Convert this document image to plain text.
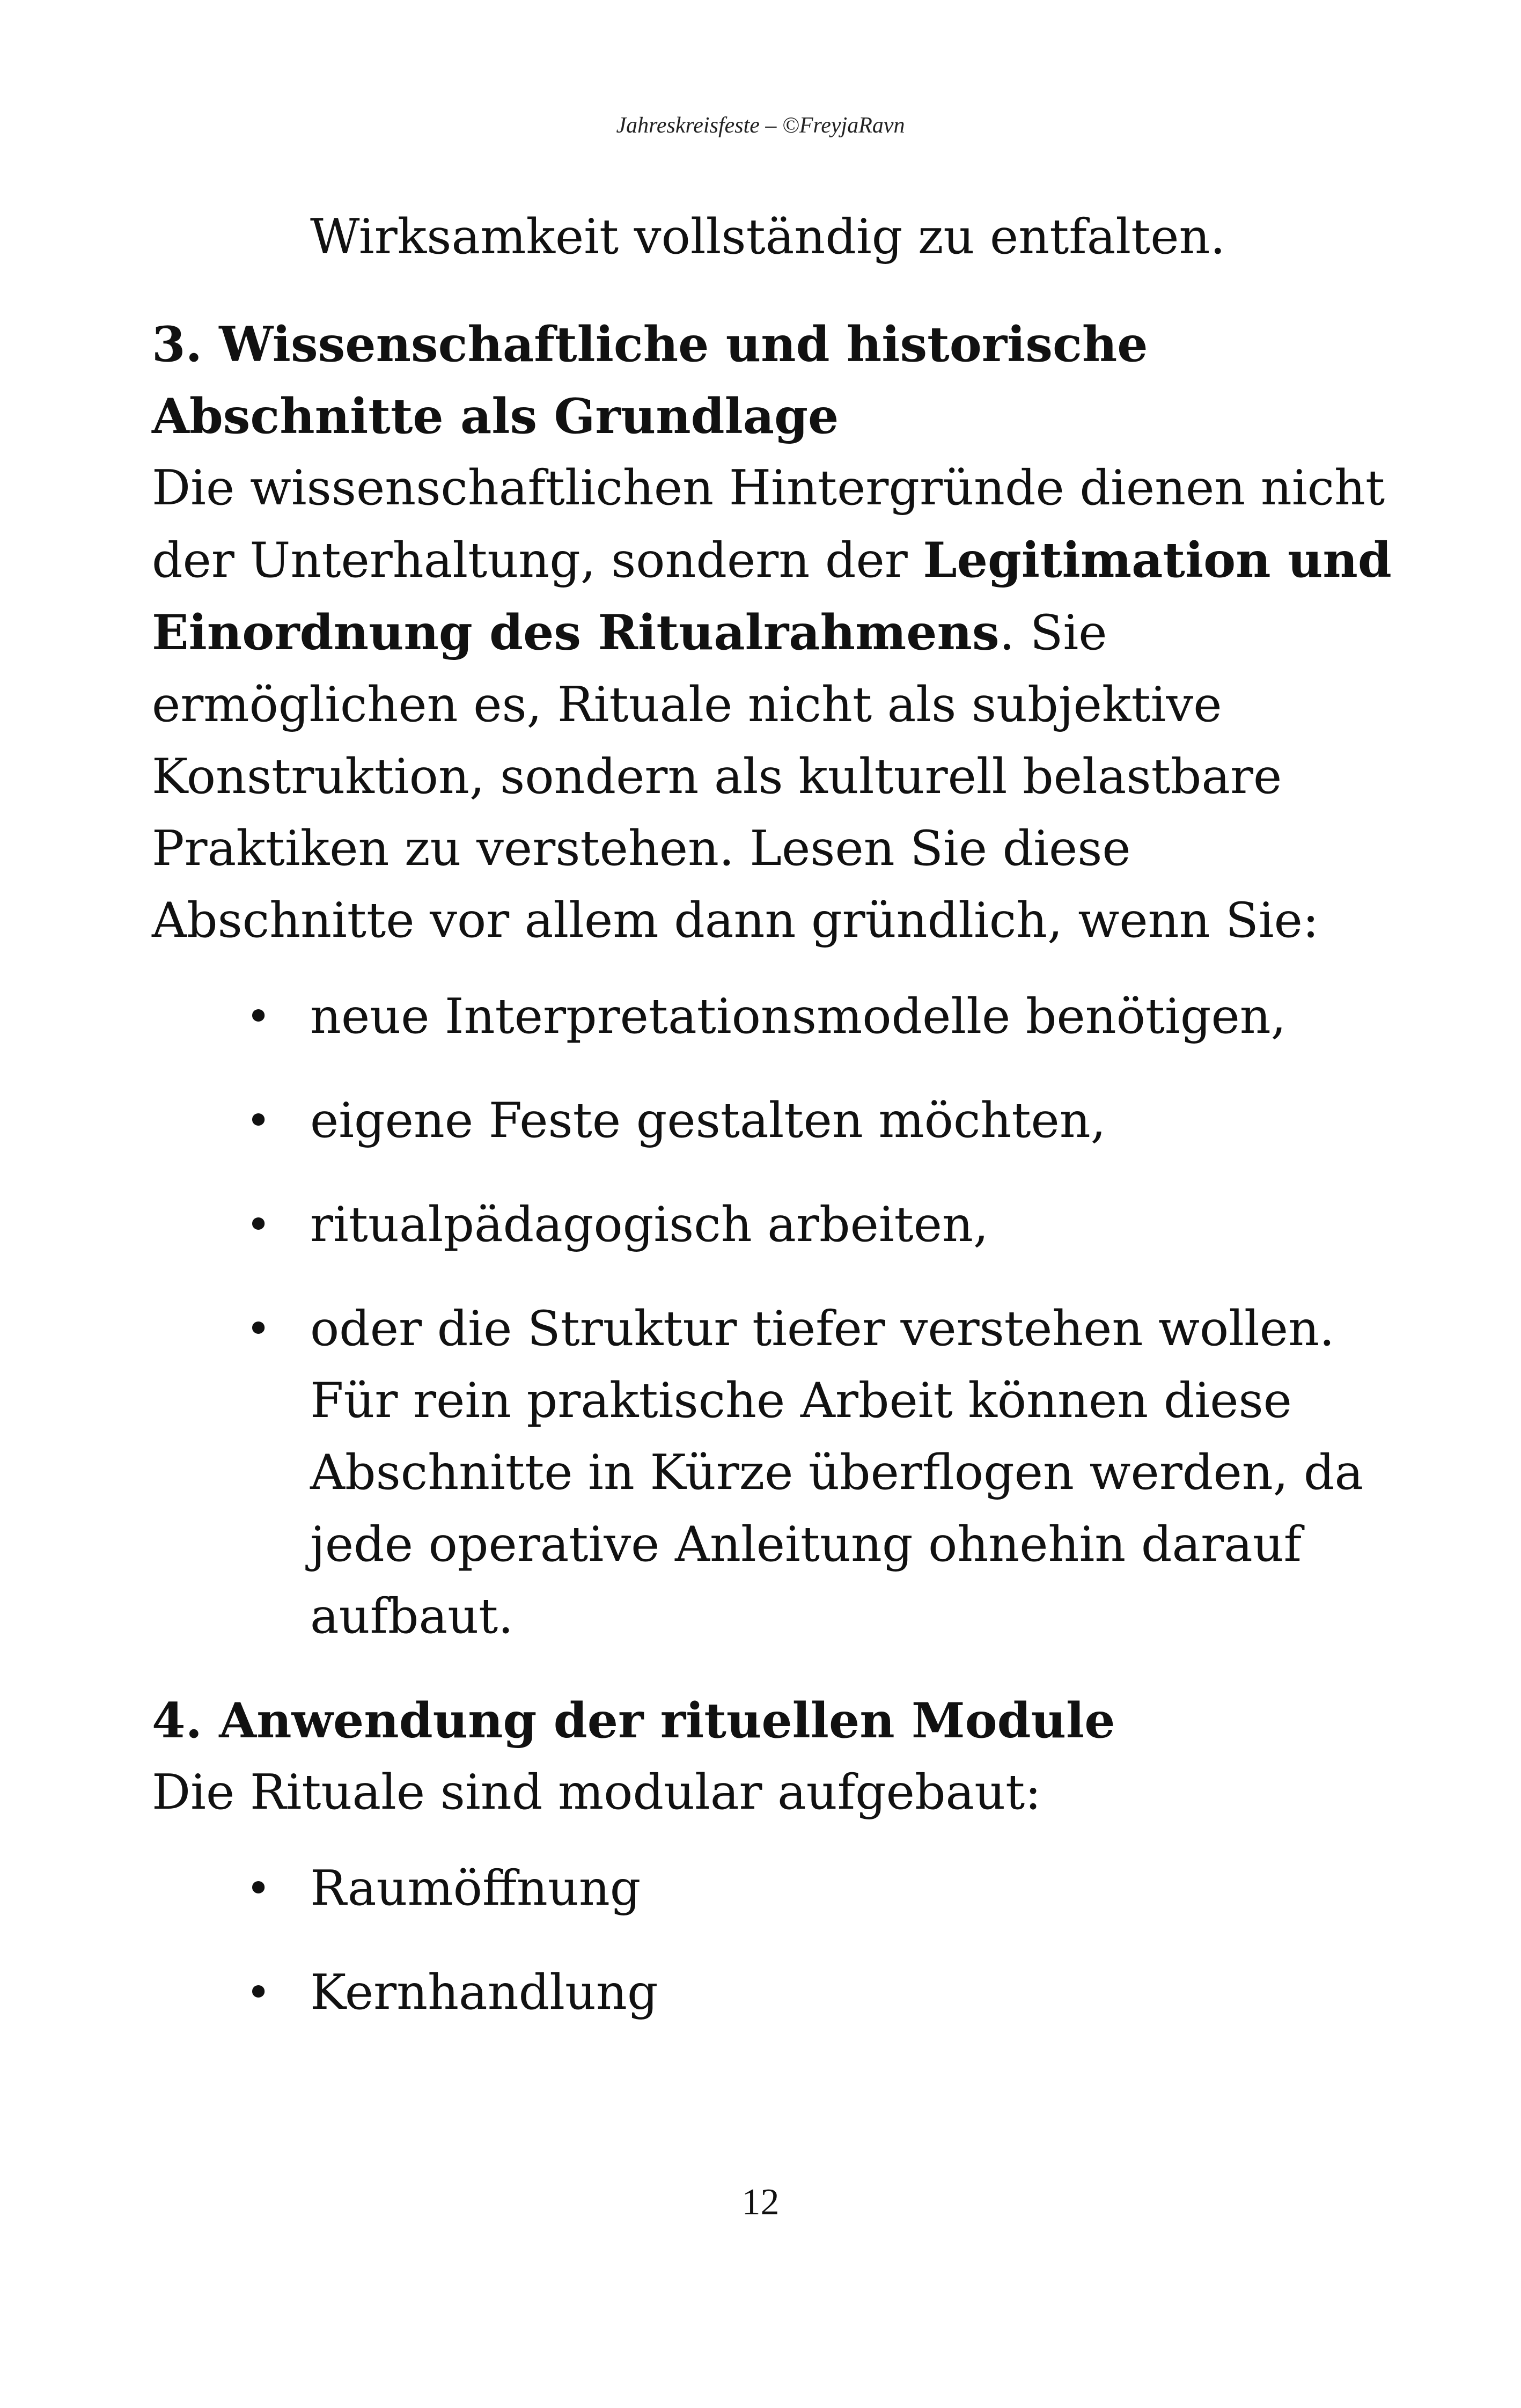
Jahreskreisfeste – ©FreyjaRavn

Wirksamkeit vollständig zu entfalten.

3. Wissenschaftliche und historische
Abschnitte als Grundlage

Die wissenschaftlichen Hintergründe dienen nicht der Unterhaltung, sondern der Legitimation und Einordnung des Ritualrahmens. Sie ermöglichen es, Rituale nicht als subjektive Konstruktion, sondern als kulturell belastbare Praktiken zu verstehen. Lesen Sie diese Abschnitte vor allem dann gründlich, wenn Sie:

• neue Interpretationsmodelle benötigen,
• eigene Feste gestalten möchten,
• ritualpädagogisch arbeiten,
• oder die Struktur tiefer verstehen wollen.
Für rein praktische Arbeit können diese Abschnitte in Kürze überflogen werden, da jede operative Anleitung ohnehin darauf aufbaut.

4. Anwendung der rituellen Module

Die Rituale sind modular aufgebaut:

• Raumöffnung
• Kernhandlung
12
